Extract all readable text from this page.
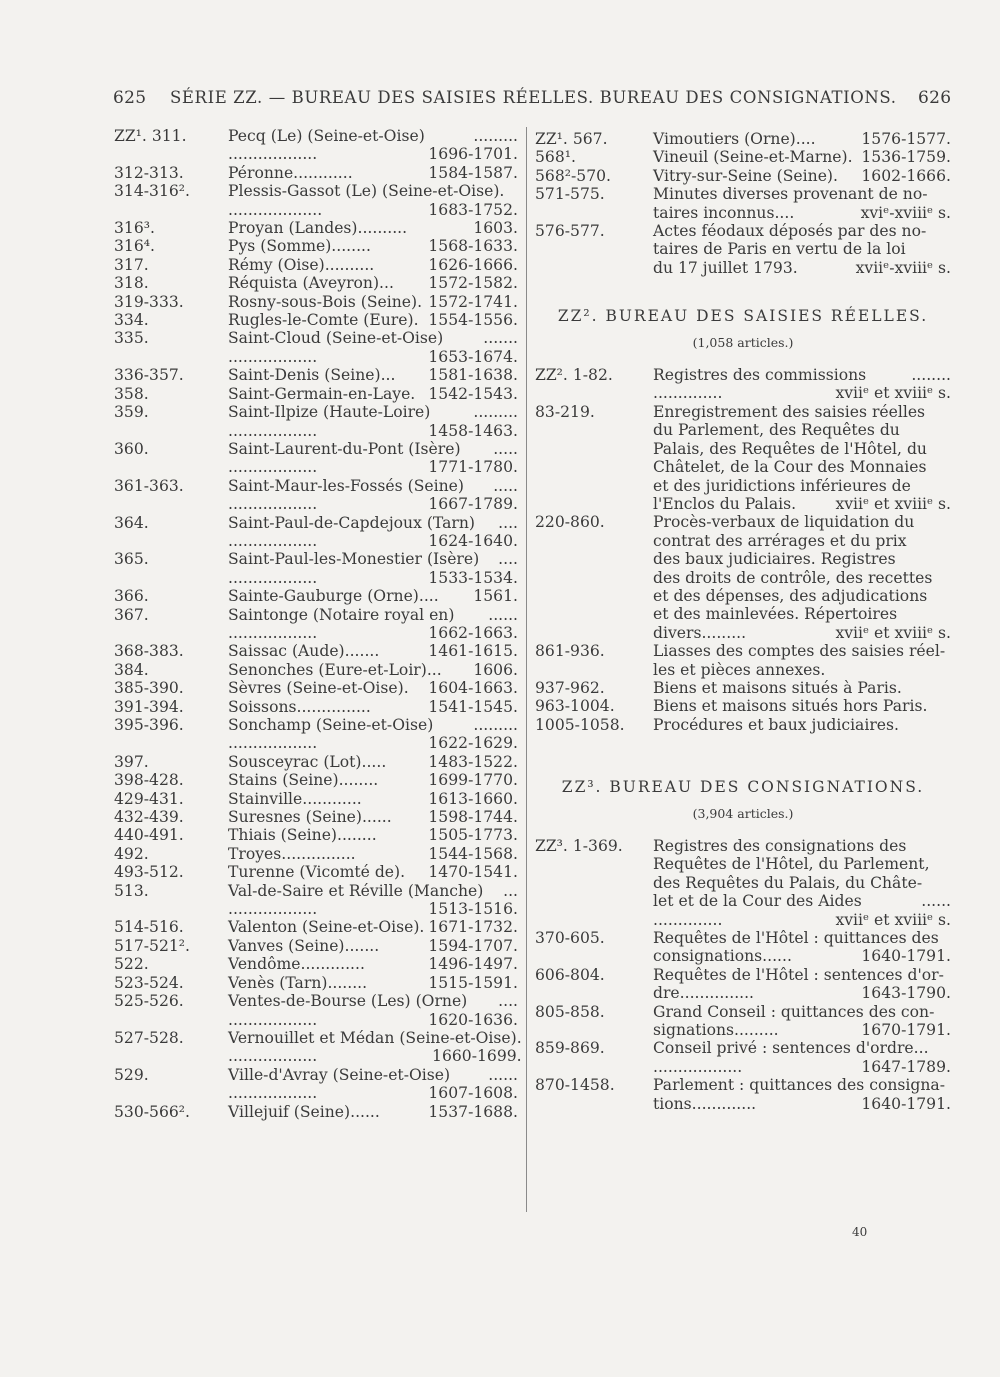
625 SÉRIE ZZ. — BUREAU DES SAISIES RÉELLES. BUREAU DES CONSIGNATIONS. 626
ZZ¹. 311.	Pecq (Le) (Seine-et-Oise)	.........
..................	1696-1701.
312-313.	Péronne............	1584-1587.
314-316².	Plessis-Gassot (Le) (Seine-et-Oise).
...................	1683-1752.
316³.	Proyan (Landes)..........	1603.
316⁴.	Pys (Somme)........	1568-1633.
317.	Rémy (Oise)..........	1626-1666.
318.	Réquista (Aveyron)... 1572-1582.
319-333.	Rosny-sous-Bois (Seine). 1572-1741.
334.	Rugles-le-Comte (Eure). 1554-1556.
335.	Saint-Cloud (Seine-et-Oise)	.......
..................	1653-1674.
336-357.	Saint-Denis (Seine)... 1581-1638.
358.	Saint-Germain-en-Laye. 1542-1543.
359.	Saint-Ilpize (Haute-Loire)	.........
..................	1458-1463.
360.	Saint-Laurent-du-Pont (Isère) .....
..................	1771-1780.
361-363.	Saint-Maur-les-Fossés (Seine) .....
..................	1667-1789.
364.	Saint-Paul-de-Capdejoux (Tarn) ....
..................	1624-1640.
365.	Saint-Paul-les-Monestier (Isère) ....
..................	1533-1534.
366.	Sainte-Gauburge (Orne).... 1561.
367.	Saintonge (Notaire royal en) ......
..................	1662-1663.
368-383.	Saissac (Aude).......	1461-1615.
384.	Senonches (Eure-et-Loir)... 1606.
385-390.	Sèvres (Seine-et-Oise). 1604-1663.
391-394.	Soissons...............	1541-1545.
395-396.	Sonchamp (Seine-et-Oise)	.........
..................	1622-1629.
397.	Sousceyrac (Lot).....	1483-1522.
398-428.	Stains (Seine)........	1699-1770.
429-431.	Stainville............	1613-1660.
432-439.	Suresnes (Seine)...... 1598-1744.
440-491.	Thiais (Seine)........	1505-1773.
492.	Troyes...............	1544-1568.
493-512.	Turenne (Vicomté de). 1470-1541.
513.	Val-de-Saire et Réville (Manche) ...
..................	1513-1516.
514-516.	Valenton (Seine-et-Oise). 1671-1732.
517-521².	Vanves (Seine).......	1594-1707.
522.	Vendôme.............	1496-1497.
523-524.	Venès (Tarn)........	1515-1591.
525-526.	Ventes-de-Bourse (Les) (Orne) ....
..................	1620-1636.
527-528.	Vernouillet et Médan (Seine-et-Oise).
..................	1660-1699.
529.	Ville-d'Avray (Seine-et-Oise) ......
..................	1607-1608.
530-566².	Villejuif (Seine)......	1537-1688.
ZZ¹. 567.	Vimoutiers (Orne)....	1576-1577.
568¹.	Vineuil (Seine-et-Marne). 1536-1759.
568²-570.	Vitry-sur-Seine (Seine). 1602-1666.
571-575.	Minutes diverses provenant de no-
taires inconnus....	xviᵉ-xviiiᵉ s.
576-577.	Actes féodaux déposés par des no-
taires de Paris en vertu de la loi
du 17 juillet 1793.	xviiᵉ-xviiiᵉ s.
ZZ². BUREAU DES SAISIES RÉELLES.
(1,058 articles.)
ZZ². 1-82.	Registres des commissions	........
..............	xviiᵉ et xviiiᵉ s.
83-219.	Enregistrement des saisies réelles
du Parlement, des Requêtes du
Palais, des Requêtes de l'Hôtel, du
Châtelet, de la Cour des Monnaies
et des juridictions inférieures de
l'Enclos du Palais.	xviiᵉ et xviiiᵉ s.
220-860.	Procès-verbaux de liquidation du
contrat des arrérages et du prix
des baux judiciaires. Registres
des droits de contrôle, des recettes
et des dépenses, des adjudications
et des mainlevées. Répertoires
divers.........	xviiᵉ et xviiiᵉ s.
861-936.	Liasses des comptes des saisies réel-
les et pièces annexes.
937-962.	Biens et maisons situés à Paris.
963-1004.	Biens et maisons situés hors Paris.
1005-1058.	Procédures et baux judiciaires.
ZZ³. BUREAU DES CONSIGNATIONS.
(3,904 articles.)
ZZ³. 1-369.	Registres des consignations des
Requêtes de l'Hôtel, du Parlement,
des Requêtes du Palais, du Châte-
let et de la Cour des Aides	......
..............	xviiᵉ et xviiiᵉ s.
370-605.	Requêtes de l'Hôtel : quittances des
consignations......	1640-1791.
606-804.	Requêtes de l'Hôtel : sentences d'or-
dre...............	1643-1790.
805-858.	Grand Conseil : quittances des con-
signations.........	1670-1791.
859-869.	Conseil privé : sentences d'ordre...
..................	1647-1789.
870-1458.	Parlement : quittances des consigna-
tions.............	1640-1791.
40
